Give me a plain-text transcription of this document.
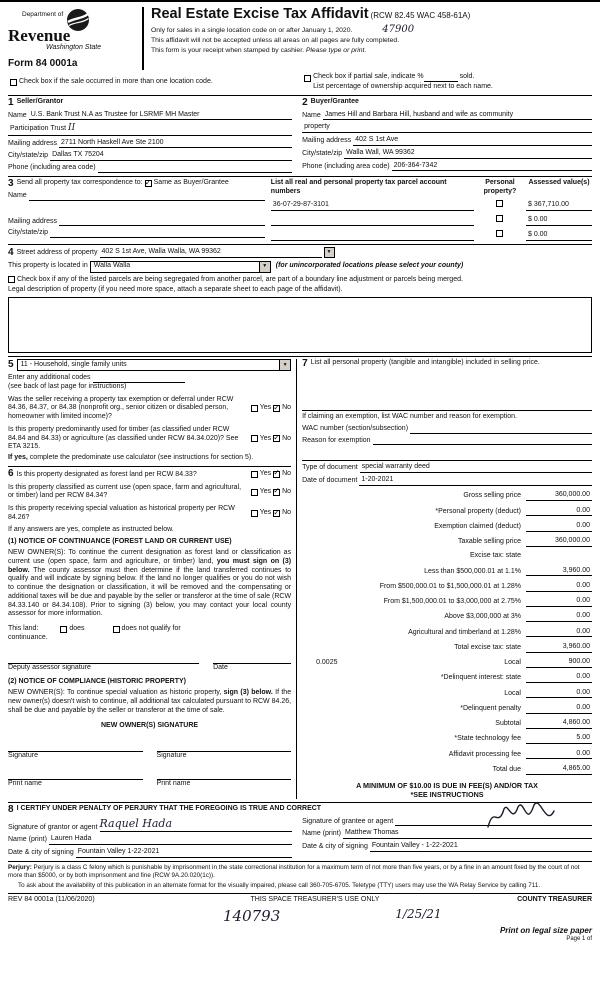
Department of
Revenue
Washington State
Form 84 0001a
Real Estate Excise Tax Affidavit (RCW 82.45 WAC 458-61A)
Only for sales in a single location code on or after January 1, 2020.	47900
This affidavit will not be accepted unless all areas on all pages are fully completed.
This form is your receipt when stamped by cashier. Please type or print.
Check box if the sale occurred in more than one location code.
Check box if partial sale, indicate %	sold.
List percentage of ownership acquired next to each name.
1 Seller/Grantor
Name U.S. Bank Trust N.A as Trustee for LSRMF MH Master
Participation Trust II
Mailing address 2711 North Haskell Ave Ste 2100
City/state/zip Dallas TX 75204
Phone (including area code)
2 Buyer/Grantee
Name James Hill and Barbara Hill, husband and wife as community
property
Mailing address 402 S 1st Ave
City/state/zip Walla Wall, WA 99362
Phone (including area code) 206-364-7342
3 Send all property tax correspondence to: ✓ Same as Buyer/Grantee
Name
Mailing address
City/state/zip
List all real and personal property tax parcel account numbers
Personal property?
Assessed value(s)
36-07-29-87-3101	$ 367,710.00
$ 0.00
$ 0.00
4 Street address of property 402 S 1st Ave, Walla Walla, WA 99362	▼
This property is located in Walla Walla	▼ (for unincorporated locations please select your county)
Check box if any of the listed parcels are being segregated from another parcel, are part of a boundary line adjustment or parcels being merged.
Legal description of property (if you need more space, attach a separate sheet to each page of the affidavit).
5	11 - Household, single family units	▼
Enter any additional codes
(see back of last page for instructions)
Was the seller receiving a property tax exemption or deferral under RCW 84.36, 84.37, or 84.38 (nonprofit org., senior citizen or disabled person, homeowner with limited income)?
Yes ✓ No
Is this property predominantly used for timber (as classified under RCW 84.84 and 84.33) or agriculture (as classified under RCW 84.34.020)? See ETA 3215.
Yes ✓ No
If yes, complete the predominate use calculator (see instructions for section 5).
6 Is this property designated as forest land per RCW 84.33?	Yes ✓ No
Is this property classified as current use (open space, farm and agricultural, or timber) land per RCW 84.34?
Yes ✓ No
Is this property receiving special valuation as historical property per RCW 84.26?
Yes ✓ No
If any answers are yes, complete as instructed below.
(1) NOTICE OF CONTINUANCE (FOREST LAND OR CURRENT USE)
NEW OWNER(S): To continue the current designation as forest land or classification as current use (open space, farm and agriculture, or timber) land, you must sign on (3) below. The county assessor must then determine if the land transferred continues to qualify and will indicate by signing below. If the land no longer qualifies or you do not wish to continue the designation or classification, it will be removed and the compensating or additional taxes will be due and payable by the seller or transferor at the time of sale (RCW 84.33.140 or 84.34.108). Prior to signing (3) below, you may contact your local county assessor for more information.
This land:	does	does not qualify for
continuance.
Deputy assessor signature	Date
(2) NOTICE OF COMPLIANCE (HISTORIC PROPERTY)
NEW OWNER(S): To continue special valuation as historic property, sign (3) below. If the new owner(s) doesn't wish to continue, all additional tax calculated pursuant to RCW 84.26, shall be due and payable by the seller or transferor at the time of sale.
NEW OWNER(S) SIGNATURE
Signature	Signature
Print name	Print name
7 List all personal property (tangible and intangible) included in selling price.
If claiming an exemption, list WAC number and reason for exemption.
WAC number (section/subsection)
Reason for exemption
Type of document special warranty deed
Date of document 1-20-2021
Gross selling price	360,000.00
*Personal property (deduct)	0.00
Exemption claimed (deduct)	0.00
Taxable selling price	360,000.00
Excise tax: state
Less than $500,000.01 at 1.1%	3,960.00
From $500,000.01 to $1,500,000.01 at 1.28%	0.00
From $1,500,000.01 to $3,000,000 at 2.75%	0.00
Above $3,000,000 at 3%	0.00
Agricultural and timberland at 1.28%	0.00
Total excise tax: state	3,960.00
0.0025	Local	900.00
*Delinquent interest: state	0.00
Local	0.00
*Delinquent penalty	0.00
Subtotal	4,860.00
*State technology fee	5.00
Affidavit processing fee	0.00
Total due	4,865.00
A MINIMUM OF $10.00 IS DUE IN FEE(S) AND/OR TAX
*SEE INSTRUCTIONS
8 I CERTIFY UNDER PENALTY OF PERJURY THAT THE FOREGOING IS TRUE AND CORRECT
Signature of grantor or agent Raquel Hada
Name (print) Lauren Hada
Date & city of signing Fountain Valley 1-22-2021
Signature of grantee or agent
Name (print) Matthew Thomas
Date & city of signing Fountain Valley - 1-22-2021
Perjury: Perjury is a class C felony which is punishable by imprisonment in the state correctional institution for a maximum term of not more than five years, or by a fine in an amount fixed by the court of not more than $5000, or by both imprisonment and fine (RCW 9A.20.020(1c)).
To ask about the availability of this publication in an alternate format for the visually impaired, please call 360-705-6705. Teletype (TTY) users may use the WA Relay Service by calling 711.
REV 84 0001a (11/06/2020)	THIS SPACE TREASURER'S USE ONLY	COUNTY TREASURER
140793	1/25/21
Print on legal size paper
Page 1 of
